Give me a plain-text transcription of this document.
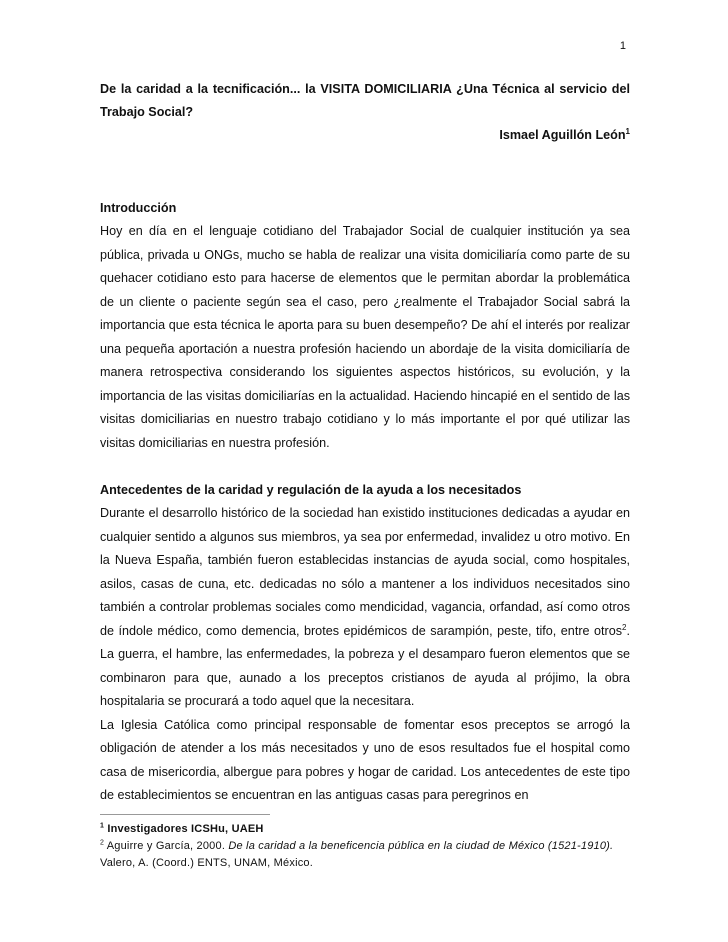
1

De la caridad a la tecnificación... la VISITA DOMICILIARIA ¿Una Técnica al servicio del Trabajo Social?

Ismael Aguillón León$^1$

Introducción

Hoy en día en el lenguaje cotidiano del Trabajador Social de cualquier institución ya sea pública, privada u ONGs, mucho se habla de realizar una visita domiciliaría como parte de su quehacer cotidiano esto para hacerse de elementos que le permitan abordar la problemática de un cliente o paciente según sea el caso, pero ¿realmente el Trabajador Social sabrá la importancia que esta técnica le aporta para su buen desempeño? De ahí el interés por realizar una pequeña aportación a nuestra profesión haciendo un abordaje de la visita domiciliaría de manera retrospectiva considerando los siguientes aspectos históricos, su evolución, y la importancia de las visitas domiciliarías en la actualidad. Haciendo hincapié en el sentido de las visitas domiciliarias en nuestro trabajo cotidiano y lo más importante el por qué utilizar las visitas domiciliarias en nuestra profesión.

Antecedentes de la caridad y regulación de la ayuda a los necesitados

Durante el desarrollo histórico de la sociedad han existido instituciones dedicadas a ayudar en cualquier sentido a algunos sus miembros, ya sea por enfermedad, invalidez u otro motivo. En la Nueva España, también fueron establecidas instancias de ayuda social, como hospitales, asilos, casas de cuna, etc. dedicadas no sólo a mantener a los individuos necesitados sino también a controlar problemas sociales como mendicidad, vagancia, orfandad, así como otros de índole médico, como demencia, brotes epidémicos de sarampión, peste, tifo, entre otros$^2$. La guerra, el hambre, las enfermedades, la pobreza y el desamparo fueron elementos que se combinaron para que, aunado a los preceptos cristianos de ayuda al prójimo, la obra hospitalaria se procurará a todo aquel que la necesitara.

La Iglesia Católica como principal responsable de fomentar esos preceptos se arrogó la obligación de atender a los más necesitados y uno de esos resultados fue el hospital como casa de misericordia, albergue para pobres y hogar de caridad. Los antecedentes de este tipo de establecimientos se encuentran en las antiguas casas para peregrinos en

$^1$ Investigadores ICSHu, UAEH

$^2$ Aguirre y García, 2000. De la caridad a la beneficencia pública en la ciudad de México (1521-1910). Valero, A. (Coord.) ENTS, UNAM, México.
